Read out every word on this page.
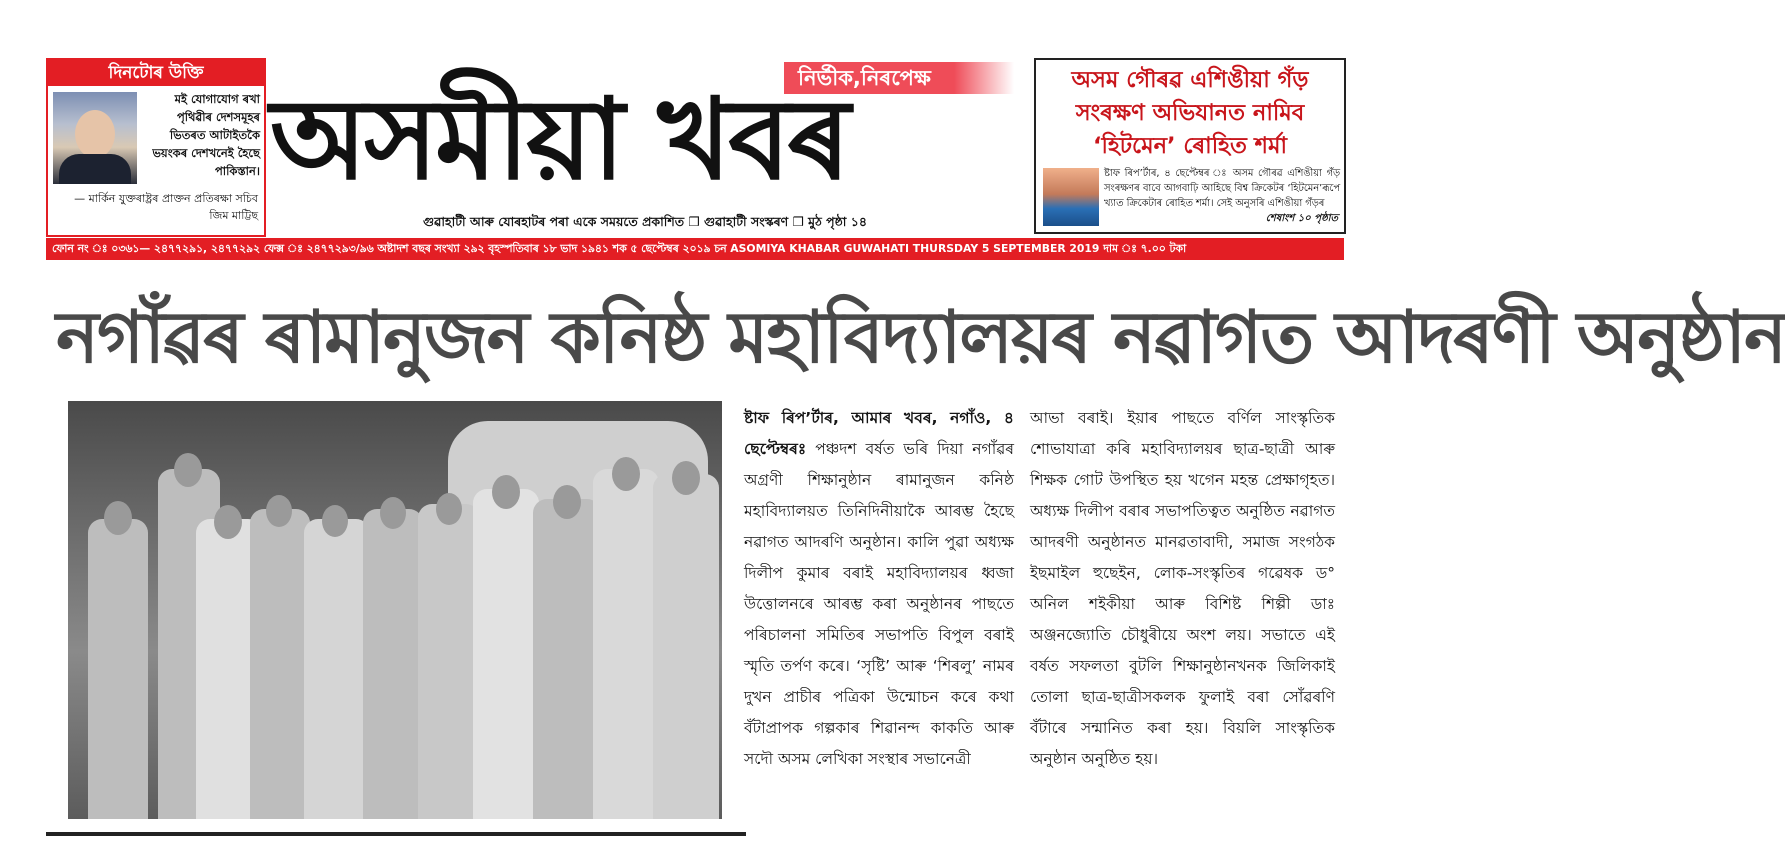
দিনটোৰ উক্তি
মই যোগাযোগ ৰখা পৃথিৱীৰ দেশসমূহৰ ভিতৰত আটাইতকৈ ভয়ংকৰ দেশখনেই হৈছে পাকিস্তান।
— মাৰ্কিন যুক্তৰাষ্ট্ৰৰ প্ৰাক্তন প্ৰতিৰক্ষা সচিব জিম মাট্টিছ
নিৰ্ভীক,নিৰপেক্ষ
অসমীয়া খবৰ
গুৱাহাটী আৰু যোৰহাটৰ পৰা একে সময়তে প্ৰকাশিত ❒ গুৱাহাটী সংস্কৰণ ❒ মুঠ পৃষ্ঠা ১৪
অসম গৌৰৱ এশিঙীয়া গঁড় সংৰক্ষণ অভিযানত নামিব ‘হিটমেন’ ৰোহিত শৰ্মা
ষ্টাফ ৰিপ’ৰ্টাৰ, ৪ ছেপ্টেম্বৰ ঃ অসম গৌৰৱ এশিঙীয়া গঁড় সংৰক্ষণৰ বাবে আগবাঢ়ি আহিছে বিশ্ব ক্ৰিকেটৰ ‘হিটমেন’ৰূপে খ্যাত ক্ৰিকেটাৰ ৰোহিত শৰ্মা। সেই অনুসৰি এশিঙীয়া গঁড়ৰ
শেষাংশ ১০ পৃষ্ঠাত
ফোন নং ঃ ০৩৬১— ২৪৭৭২৯১, ২৪৭৭২৯২ ফেক্স ঃ ২৪৭৭২৯৩/৯৬ অষ্টাদশ বছৰ সংখ্যা ২৯২ বৃহস্পতিবাৰ ১৮ ভাদ ১৯৪১ শক ৫ ছেপ্টেম্বৰ ২০১৯ চন ASOMIYA KHABAR GUWAHATI THURSDAY 5 SEPTEMBER 2019 দাম ঃ ৭.০০ টকা
নগাঁৱৰ ৰামানুজন কনিষ্ঠ মহাবিদ্যালয়ৰ নৱাগত আদৰণী অনুষ্ঠান
ষ্টাফ ৰিপ’ৰ্টাৰ, আমাৰ খবৰ, নগাঁও, ৪ ছেপ্টেম্বৰঃ পঞ্চদশ বৰ্ষত ভৰি দিয়া নগাঁৱৰ অগ্ৰণী শিক্ষানুষ্ঠান ৰামানুজন কনিষ্ঠ মহাবিদ্যালয়ত তিনিদিনীয়াকৈ আৰম্ভ হৈছে নৱাগত আদৰণি অনুষ্ঠান। কালি পুৱা অধ্যক্ষ দিলীপ কুমাৰ বৰাই মহাবিদ্যালয়ৰ ধ্বজা উত্তোলনৰে আৰম্ভ কৰা অনুষ্ঠানৰ পাছতে পৰিচালনা সমিতিৰ সভাপতি বিপুল বৰাই স্মৃতি তৰ্পণ কৰে। ‘সৃষ্টি’ আৰু ‘শিৰলু’ নামৰ দুখন প্ৰাচীৰ পত্ৰিকা উন্মোচন কৰে কথা বঁটাপ্ৰাপক গল্পকাৰ শিৱানন্দ কাকতি আৰু সদৌ অসম লেখিকা সংস্থাৰ সভানেত্ৰী
আভা বৰাই। ইয়াৰ পাছতে বৰ্ণিল সাংস্কৃতিক শোভাযাত্ৰা কৰি মহাবিদ্যালয়ৰ ছাত্ৰ-ছাত্ৰী আৰু শিক্ষক গোট উপস্থিত হয় খগেন মহন্ত প্ৰেক্ষাগৃহত। অধ্যক্ষ দিলীপ বৰাৰ সভাপতিত্বত অনুষ্ঠিত নৱাগত আদৰণী অনুষ্ঠানত মানৱতাবাদী, সমাজ সংগঠক ইছমাইল হুছেইন, লোক-সংস্কৃতিৰ গৱেষক ড° অনিল শইকীয়া আৰু বিশিষ্ট শিল্পী ডাঃ অঞ্জনজ্যোতি চৌধুৰীয়ে অংশ লয়। সভাতে এই বৰ্ষত সফলতা বুটলি শিক্ষানুষ্ঠানখনক জিলিকাই তোলা ছাত্ৰ-ছাত্ৰীসকলক ফুলাই বৰা সোঁৱৰণি বঁটাৰে সন্মানিত কৰা হয়। বিয়লি সাংস্কৃতিক অনুষ্ঠান অনুষ্ঠিত হয়।
